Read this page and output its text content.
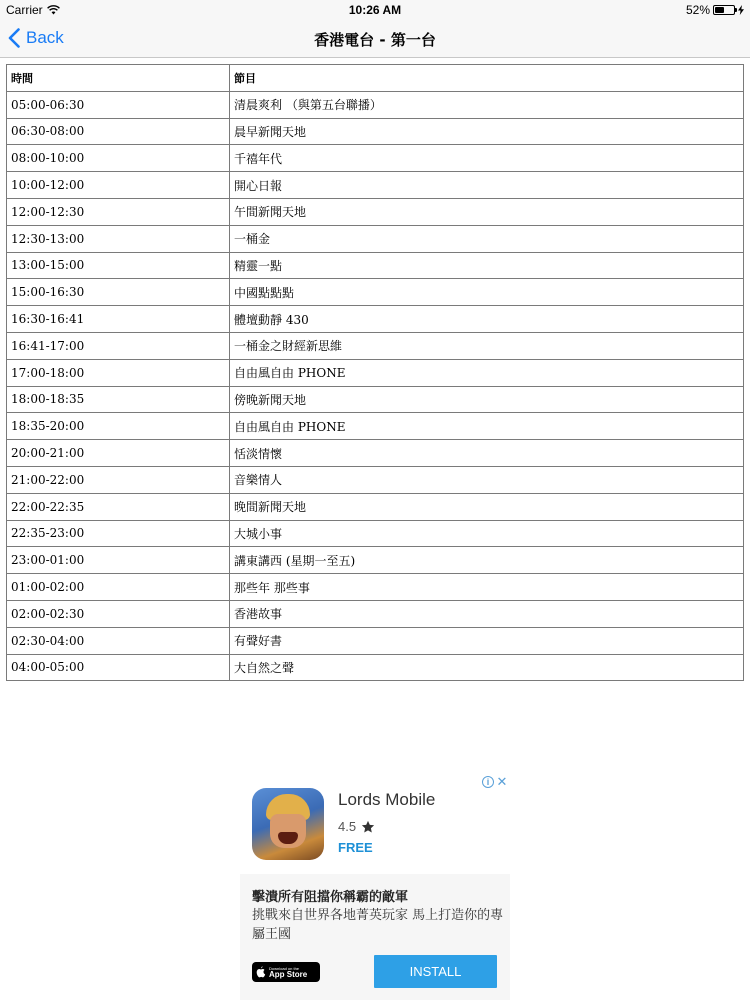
Carrier	10:26 AM	52%
Back	香港電台 - 第一台
時間	節目
05:00-06:30	清晨爽利 （與第五台聯播）
06:30-08:00	晨早新聞天地
08:00-10:00	千禧年代
10:00-12:00	開心日報
12:00-12:30	午間新聞天地
12:30-13:00	一桶金
13:00-15:00	精靈一點
15:00-16:30	中國點點點
16:30-16:41	體壇動靜 430
16:41-17:00	一桶金之財經新思維
17:00-18:00	自由風自由 PHONE
18:00-18:35	傍晚新聞天地
18:35-20:00	自由風自由 PHONE
20:00-21:00	恬淡情懷
21:00-22:00	音樂情人
22:00-22:35	晚間新聞天地
22:35-23:00	大城小事
23:00-01:00	講東講西 (星期一至五)
01:00-02:00	那些年 那些事
02:00-02:30	香港故事
02:30-04:00	有聲好書
04:00-05:00	大自然之聲
i ✕
Lords Mobile
4.5
FREE
擊潰所有阻擋你稱霸的敵軍
挑戰來自世界各地菁英玩家 馬上打造你的專屬王國
Download on the
App Store	INSTALL
